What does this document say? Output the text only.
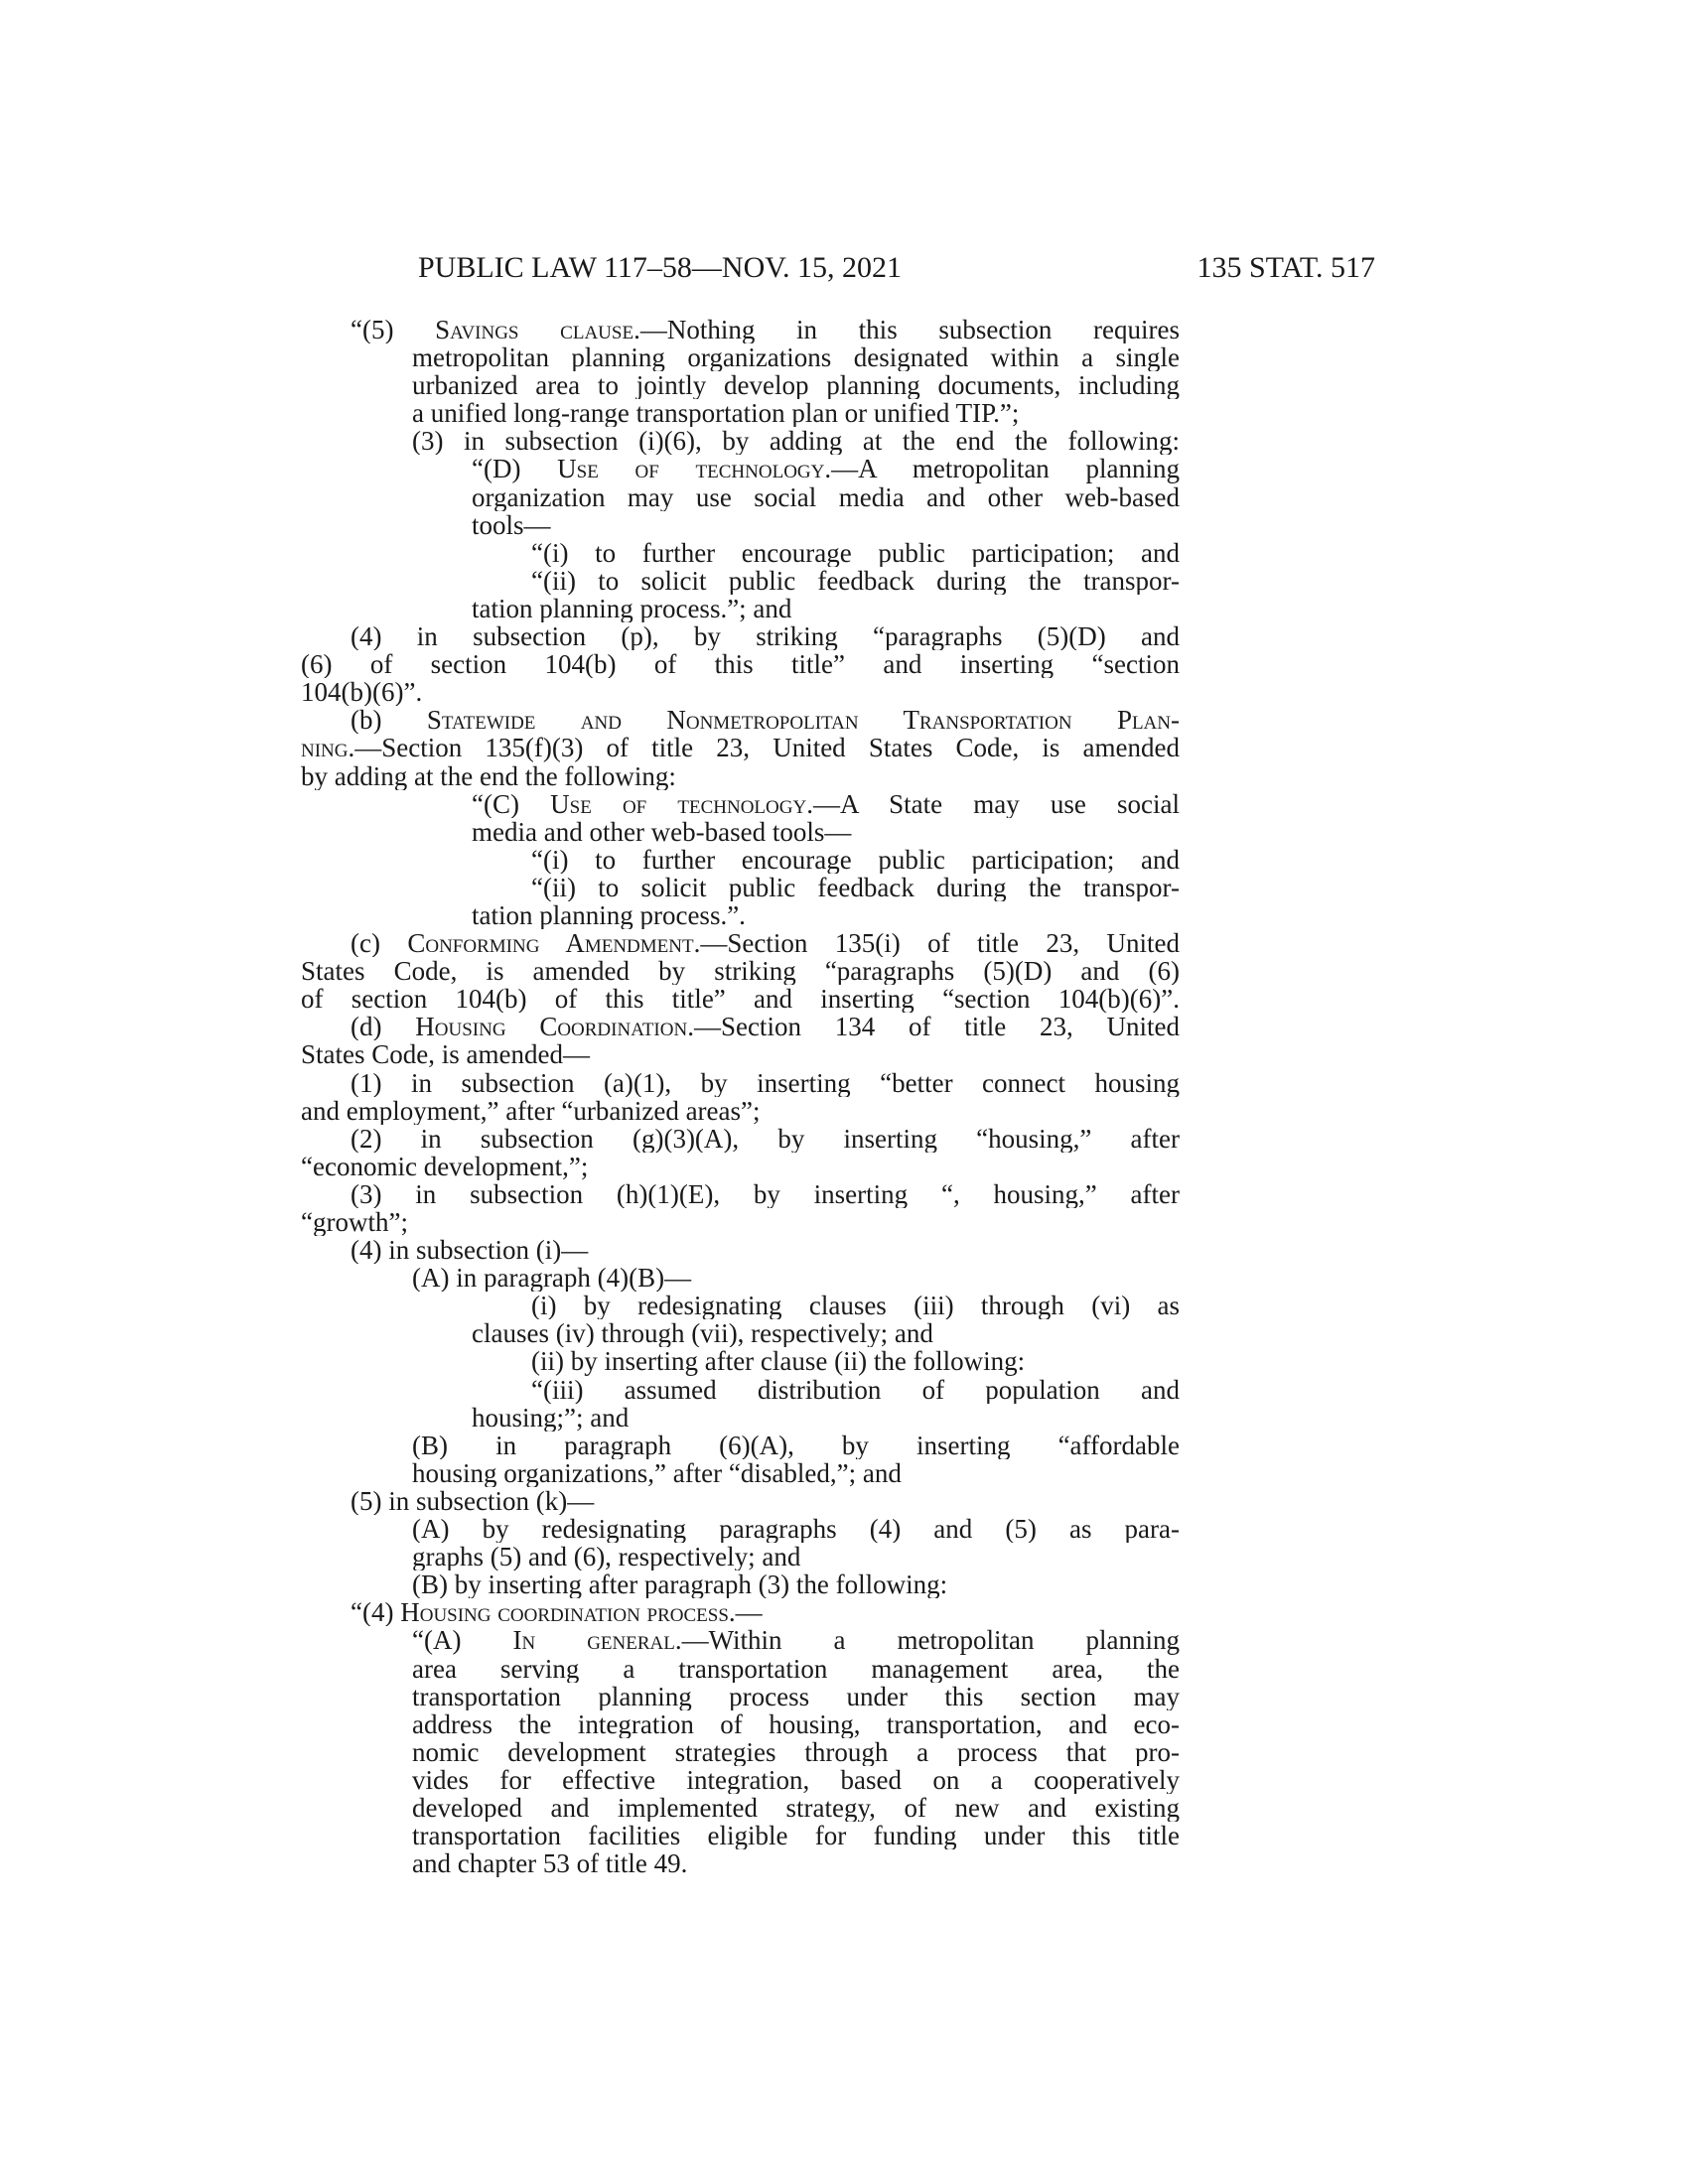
PUBLIC LAW 117–58—NOV. 15, 2021	135 STAT. 517
“(5) Savings clause.—Nothing in this subsection requires
metropolitan planning organizations designated within a single
urbanized area to jointly develop planning documents, including
a unified long-range transportation plan or unified TIP.”;
(3) in subsection (i)(6), by adding at the end the following:
“(D) Use of technology.—A metropolitan planning
organization may use social media and other web-based
tools—
“(i) to further encourage public participation; and
“(ii) to solicit public feedback during the transpor-
tation planning process.”; and
(4) in subsection (p), by striking “paragraphs (5)(D) and
(6) of section 104(b) of this title” and inserting “section
104(b)(6)”.
(b) Statewide and Nonmetropolitan Transportation Plan-
ning.—Section 135(f)(3) of title 23, United States Code, is amended
by adding at the end the following:
“(C) Use of technology.—A State may use social
media and other web-based tools—
“(i) to further encourage public participation; and
“(ii) to solicit public feedback during the transpor-
tation planning process.”.
(c) Conforming Amendment.—Section 135(i) of title 23, United
States Code, is amended by striking “paragraphs (5)(D) and (6)
of section 104(b) of this title” and inserting “section 104(b)(6)”.
(d) Housing Coordination.—Section 134 of title 23, United
States Code, is amended—
(1) in subsection (a)(1), by inserting “better connect housing
and employment,” after “urbanized areas”;
(2) in subsection (g)(3)(A), by inserting “housing,” after
“economic development,”;
(3) in subsection (h)(1)(E), by inserting “, housing,” after
“growth”;
(4) in subsection (i)—
(A) in paragraph (4)(B)—
(i) by redesignating clauses (iii) through (vi) as
clauses (iv) through (vii), respectively; and
(ii) by inserting after clause (ii) the following:
“(iii) assumed distribution of population and
housing;”; and
(B) in paragraph (6)(A), by inserting “affordable
housing organizations,” after “disabled,”; and
(5) in subsection (k)—
(A) by redesignating paragraphs (4) and (5) as para-
graphs (5) and (6), respectively; and
(B) by inserting after paragraph (3) the following:
“(4) Housing coordination process.—
“(A) In general.—Within a metropolitan planning
area serving a transportation management area, the
transportation planning process under this section may
address the integration of housing, transportation, and eco-
nomic development strategies through a process that pro-
vides for effective integration, based on a cooperatively
developed and implemented strategy, of new and existing
transportation facilities eligible for funding under this title
and chapter 53 of title 49.
